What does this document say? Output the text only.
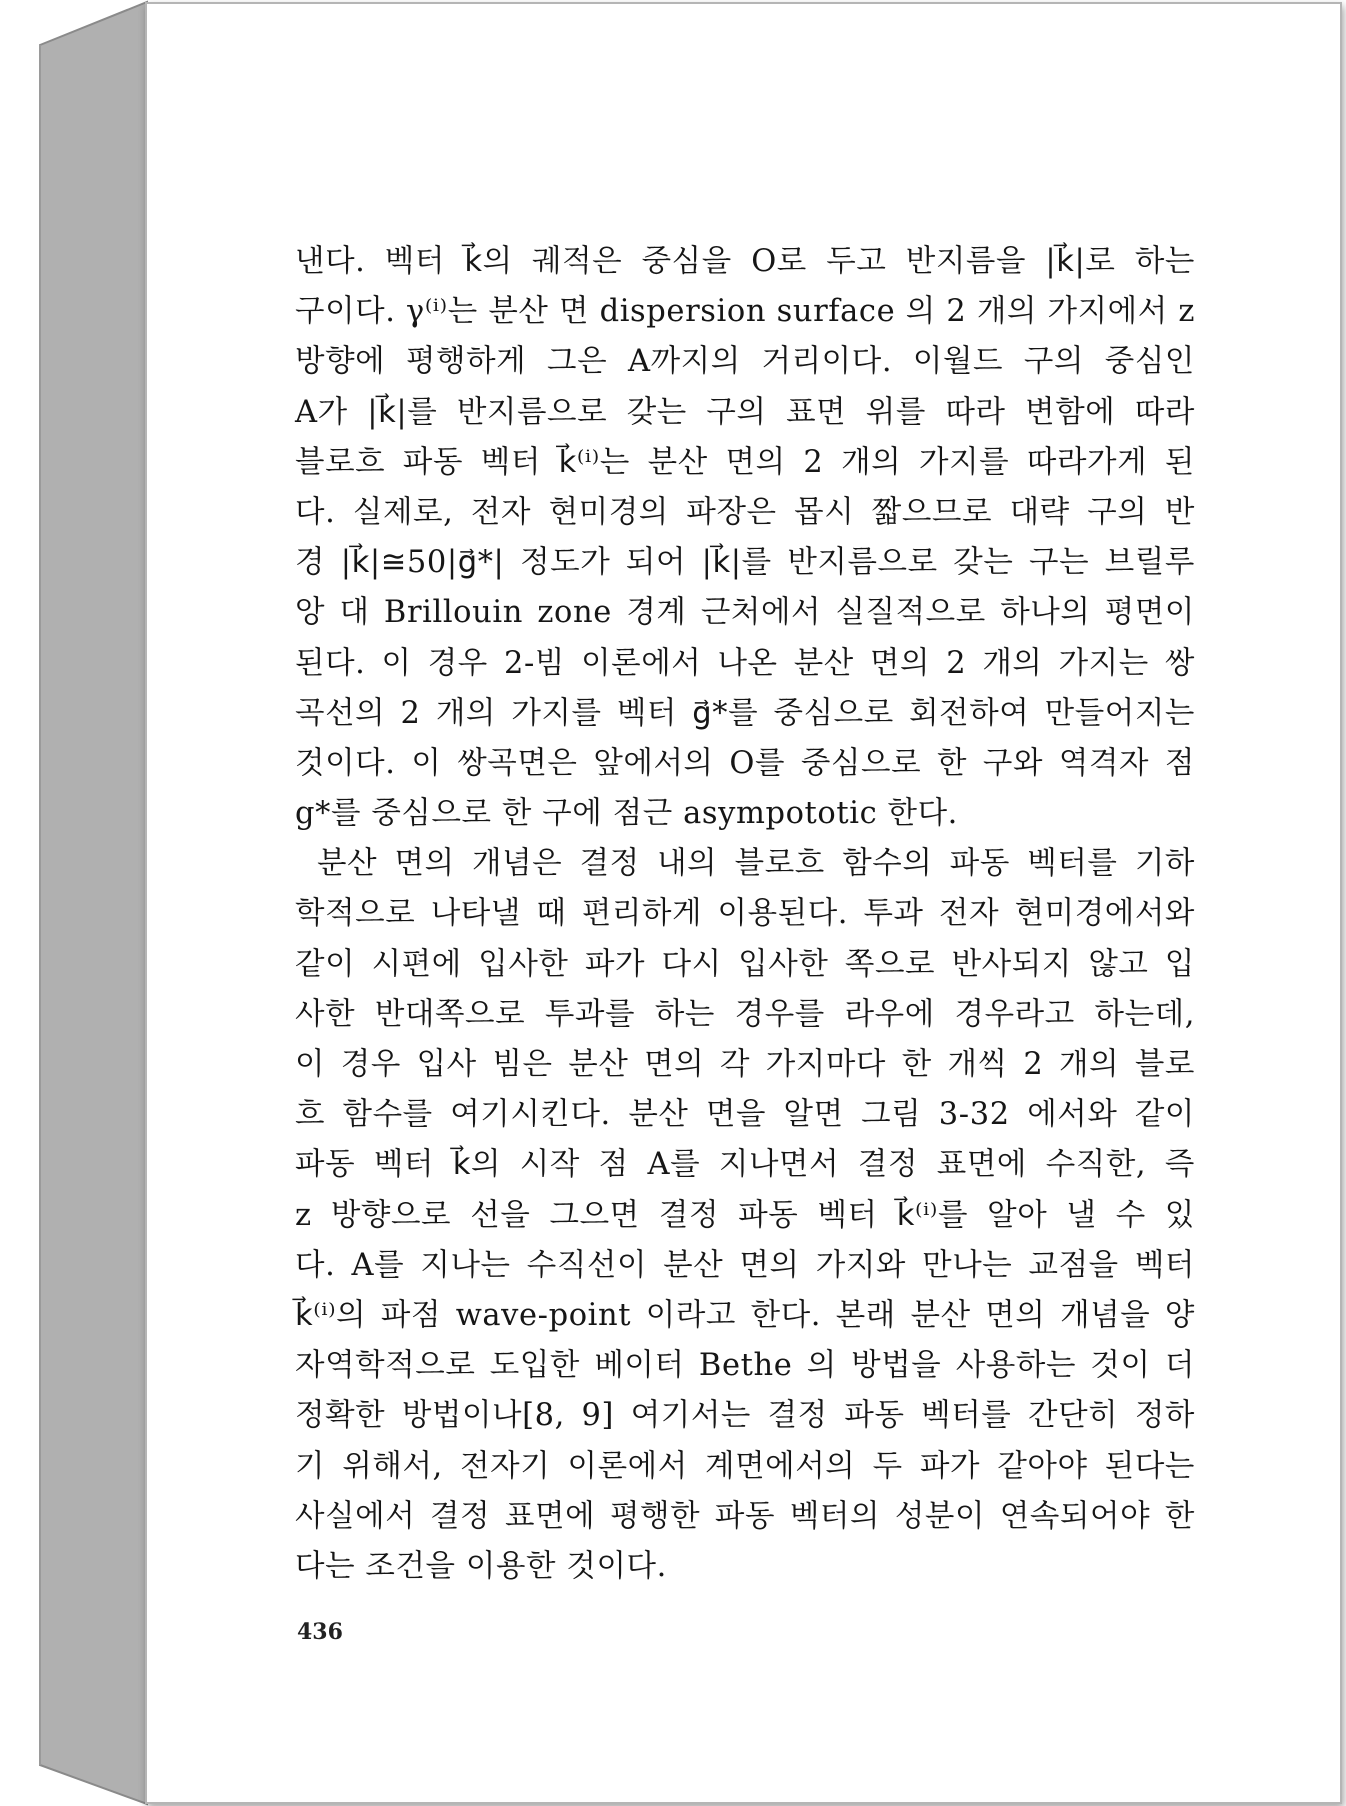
낸다. 벡터 k⃗의 궤적은 중심을 O로 두고 반지름을 |k⃗|로 하는
구이다. γ⁽ⁱ⁾는 분산 면 dispersion surface 의 2 개의 가지에서 z
방향에 평행하게 그은 A까지의 거리이다. 이월드 구의 중심인
A가 |k⃗|를 반지름으로 갖는 구의 표면 위를 따라 변함에 따라
블로흐 파동 벡터 k⃗⁽ⁱ⁾는 분산 면의 2 개의 가지를 따라가게 된
다. 실제로, 전자 현미경의 파장은 몹시 짧으므로 대략 구의 반
경 |k⃗|≅50|g⃗*| 정도가 되어 |k⃗|를 반지름으로 갖는 구는 브릴루
앙 대 Brillouin zone 경계 근처에서 실질적으로 하나의 평면이
된다. 이 경우 2-빔 이론에서 나온 분산 면의 2 개의 가지는 쌍
곡선의 2 개의 가지를 벡터 g⃗*를 중심으로 회전하여 만들어지는
것이다. 이 쌍곡면은 앞에서의 O를 중심으로 한 구와 역격자 점
g*를 중심으로 한 구에 점근 asympototic 한다.
분산 면의 개념은 결정 내의 블로흐 함수의 파동 벡터를 기하
학적으로 나타낼 때 편리하게 이용된다. 투과 전자 현미경에서와
같이 시편에 입사한 파가 다시 입사한 쪽으로 반사되지 않고 입
사한 반대쪽으로 투과를 하는 경우를 라우에 경우라고 하는데,
이 경우 입사 빔은 분산 면의 각 가지마다 한 개씩 2 개의 블로
흐 함수를 여기시킨다. 분산 면을 알면 그림 3-32 에서와 같이
파동 벡터 k⃗의 시작 점 A를 지나면서 결정 표면에 수직한, 즉
z 방향으로 선을 그으면 결정 파동 벡터 k⃗⁽ⁱ⁾를 알아 낼 수 있
다. A를 지나는 수직선이 분산 면의 가지와 만나는 교점을 벡터
k⃗⁽ⁱ⁾의 파점 wave-point 이라고 한다. 본래 분산 면의 개념을 양
자역학적으로 도입한 베이터 Bethe 의 방법을 사용하는 것이 더
정확한 방법이나[8, 9] 여기서는 결정 파동 벡터를 간단히 정하
기 위해서, 전자기 이론에서 계면에서의 두 파가 같아야 된다는
사실에서 결정 표면에 평행한 파동 벡터의 성분이 연속되어야 한
다는 조건을 이용한 것이다.
436
